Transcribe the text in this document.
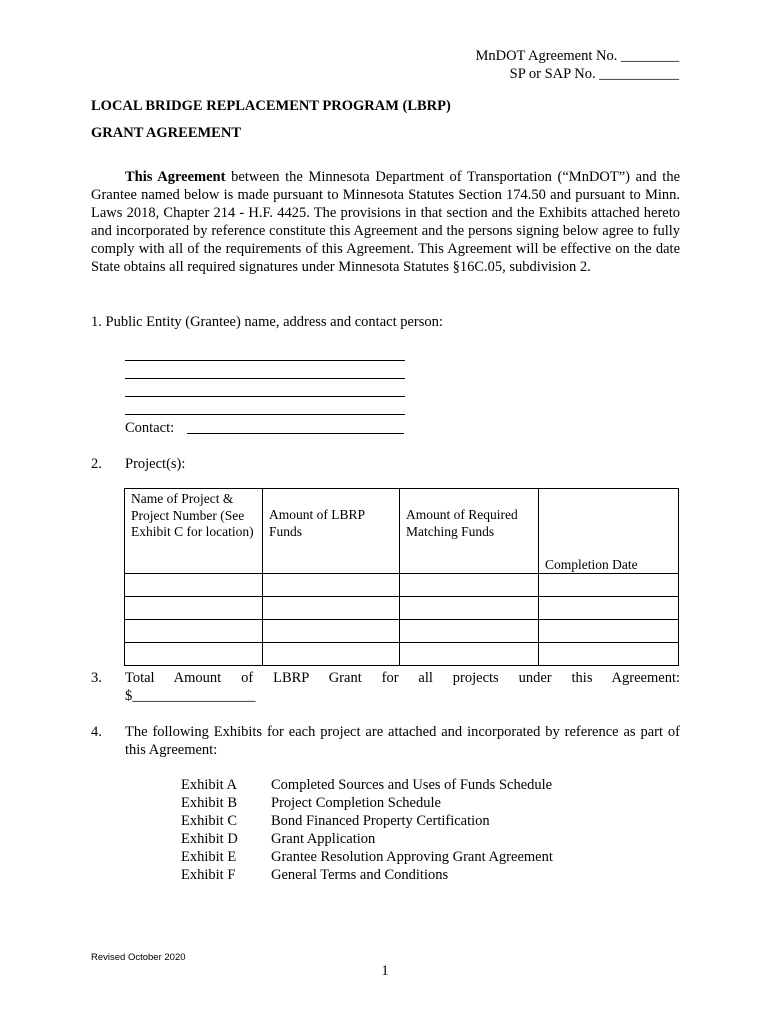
MnDOT Agreement No. ________
SP or SAP No. ___________
LOCAL BRIDGE REPLACEMENT PROGRAM (LBRP)
GRANT AGREEMENT
This Agreement between the Minnesota Department of Transportation (“MnDOT”) and the Grantee named below is made pursuant to Minnesota Statutes Section 174.50 and pursuant to Minn. Laws 2018, Chapter 214 - H.F. 4425. The provisions in that section and the Exhibits attached hereto and incorporated by reference constitute this Agreement and the persons signing below agree to fully comply with all of the requirements of this Agreement. This Agreement will be effective on the date State obtains all required signatures under Minnesota Statutes §16C.05, subdivision 2.
1. Public Entity (Grantee) name, address and contact person:
Contact:
2. Project(s):
Name of Project & Project Number (See Exhibit C for location)	Amount of LBRP Funds	Amount of Required Matching Funds	Completion Date

3. Total Amount of LBRP Grant for all projects under this Agreement:
$_________________
4. The following Exhibits for each project are attached and incorporated by reference as part of this Agreement:
Exhibit A	Completed Sources and Uses of Funds Schedule
Exhibit B	Project Completion Schedule
Exhibit C	Bond Financed Property Certification
Exhibit D	Grant Application
Exhibit E	Grantee Resolution Approving Grant Agreement
Exhibit F	General Terms and Conditions
Revised October 2020
1
